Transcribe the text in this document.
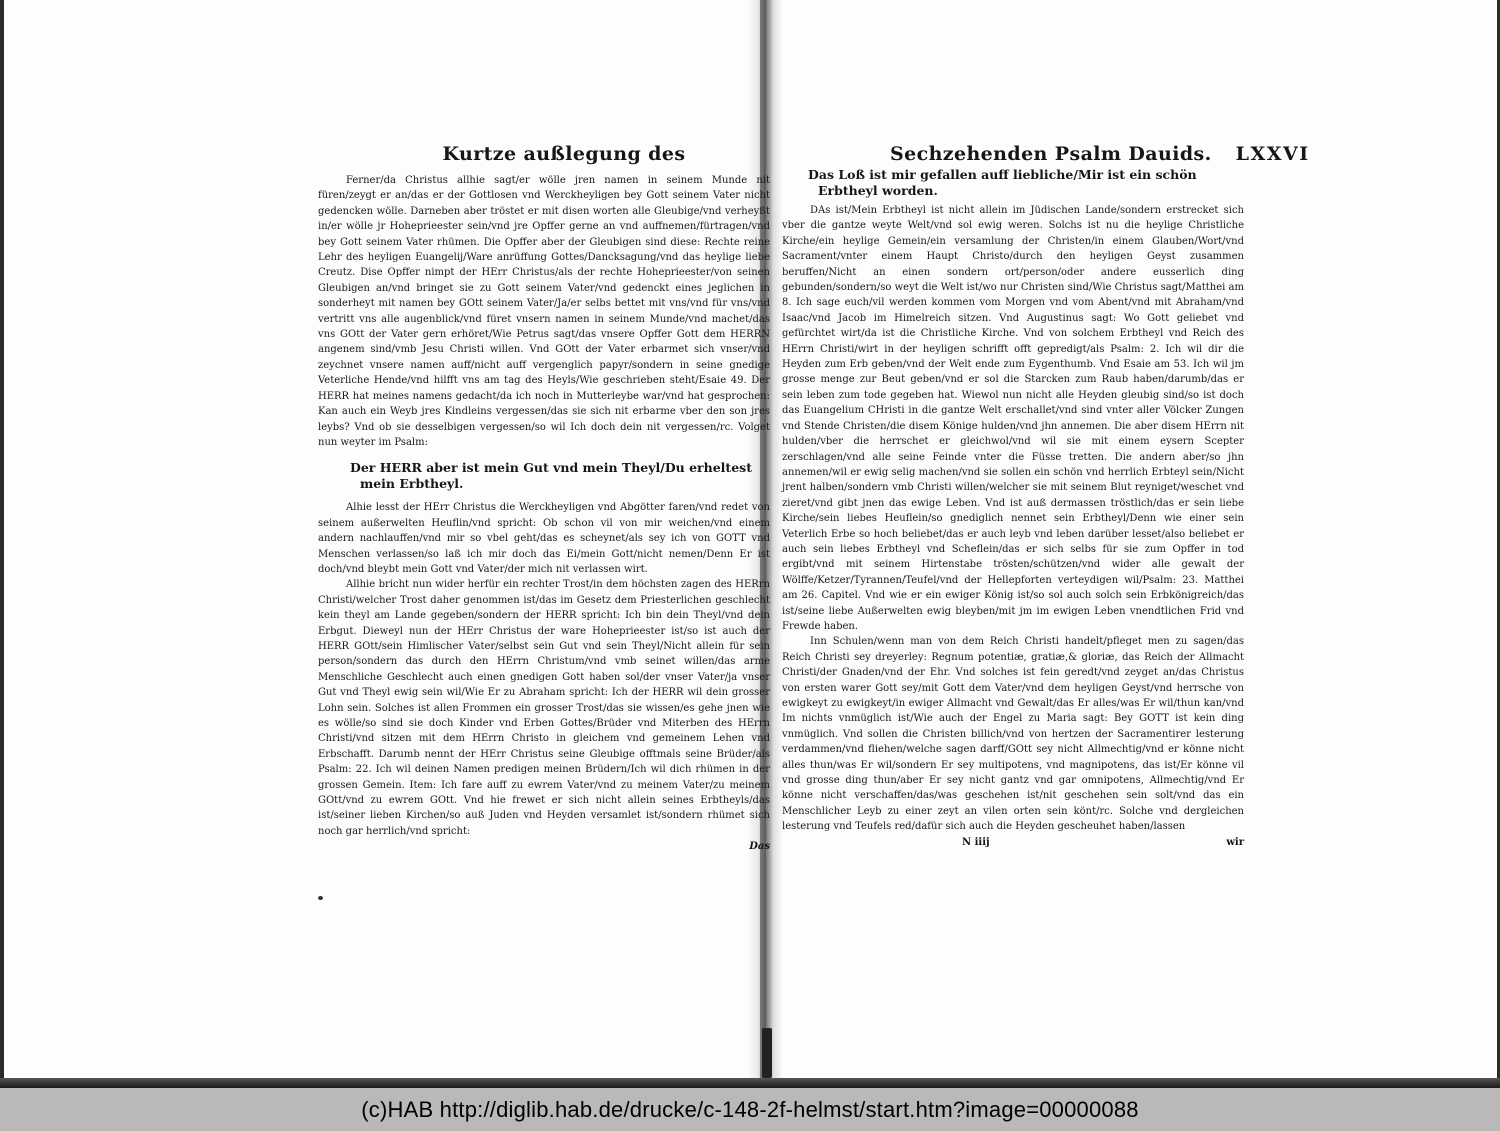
Kurtze außlegung des

Ferner/da Christus allhie sagt/er wölle jren namen in seinem Munde nit füren/zeygt er an/das er der Gottlosen vnd Werckheyligen bey Gott seinem Vater nicht gedencken wölle. Darneben aber tröstet er mit disen worten alle Gleubige/vnd verheyßt in/er wölle jr Hoheprieester sein/vnd jre Opffer gerne an vnd auffnemen/fürtragen/vnd bey Gott seinem Vater rhümen. Die Opffer aber der Gleubigen sind diese: Rechte reine Lehr des heyligen Euangelij/Ware anrüffung Gottes/Dancksagung/vnd das heylige liebe Creutz. Dise Opffer nimpt der HErr Christus/als der rechte Hoheprieester/von seinen Gleubigen an/vnd bringet sie zu Gott seinem Vater/vnd gedenckt eines jeglichen in sonderheyt mit namen bey GOtt seinem Vater/Ja/er selbs bettet mit vns/vnd für vns/vnd vertritt vns alle augenblick/vnd füret vnsern namen in seinem Munde/vnd machet/das vns GOtt der Vater gern erhöret/Wie Petrus sagt/das vnsere Opffer Gott dem HERRN angenem sind/vmb Jesu Christi willen. Vnd GOtt der Vater erbarmet sich vnser/vnd zeychnet vnsere namen auff/nicht auff vergenglich papyr/sondern in seine gnedige Veterliche Hende/vnd hilfft vns am tag des Heyls/Wie geschrieben steht/Esaie 49. Der HERR hat meines namens gedacht/da ich noch in Mutterleybe war/vnd hat gesprochen: Kan auch ein Weyb jres Kindleins vergessen/das sie sich nit erbarme vber den son jres leybs? Vnd ob sie desselbigen vergessen/so wil Ich doch dein nit vergessen/rc. Volget nun weyter im Psalm:

Der HERR aber ist mein Gut vnd mein Theyl/Du erheltest mein Erbtheyl.

Alhie lesst der HErr Christus die Werckheyligen vnd Abgötter faren/vnd redet von seinem außerwelten Heuflin/vnd spricht: Ob schon vil von mir weichen/vnd einem andern nachlauffen/vnd mir so vbel geht/das es scheynet/als sey ich von GOTT vnd Menschen verlassen/so laß ich mir doch das Ei/mein Gott/nicht nemen/Denn Er ist doch/vnd bleybt mein Gott vnd Vater/der mich nit verlassen wirt.

Allhie bricht nun wider herfür ein rechter Trost/in dem höchsten zagen des HERrn Christi/welcher Trost daher genommen ist/das im Gesetz dem Priesterlichen geschlecht kein theyl am Lande gegeben/sondern der HERR spricht: Ich bin dein Theyl/vnd dein Erbgut. Dieweyl nun der HErr Christus der ware Hoheprieester ist/so ist auch der HERR GOtt/sein Himlischer Vater/selbst sein Gut vnd sein Theyl/Nicht allein für sein person/sondern das durch den HErrn Christum/vnd vmb seinet willen/das arme Menschliche Geschlecht auch einen gnedigen Gott haben sol/der vnser Vater/ja vnser Gut vnd Theyl ewig sein wil/Wie Er zu Abraham spricht: Ich der HERR wil dein grosser Lohn sein. Solches ist allen Frommen ein grosser Trost/das sie wissen/es gehe jnen wie es wölle/so sind sie doch Kinder vnd Erben Gottes/Brüder vnd Miterben des HErrn Christi/vnd sitzen mit dem HErrn Christo in gleichem vnd gemeinem Lehen vnd Erbschafft. Darumb nennt der HErr Christus seine Gleubige offtmals seine Brüder/als Psalm: 22. Ich wil deinen Namen predigen meinen Brüdern/Ich wil dich rhümen in der grossen Gemein. Item: Ich fare auff zu ewrem Vater/vnd zu meinem Vater/zu meinem GOtt/vnd zu ewrem GOtt. Vnd hie frewet er sich nicht allein seines Erbtheyls/das ist/seiner lieben Kirchen/so auß Juden vnd Heyden versamlet ist/sondern rhümet sich noch gar herrlich/vnd spricht:

Das
Sechzehenden Psalm Dauids. LXXVI

Das Loß ist mir gefallen auff liebliche/Mir ist ein schön Erbtheyl worden.

DAs ist/Mein Erbtheyl ist nicht allein im Jüdischen Lande/sondern erstrecket sich vber die gantze weyte Welt/vnd sol ewig weren. Solchs ist nu die heylige Christliche Kirche/ein heylige Gemein/ein versamlung der Christen/in einem Glauben/Wort/vnd Sacrament/vnter einem Haupt Christo/durch den heyligen Geyst zusammen beruffen/Nicht an einen sondern ort/person/oder andere eusserlich ding gebunden/sondern/so weyt die Welt ist/wo nur Christen sind/Wie Christus sagt/Matthei am 8. Ich sage euch/vil werden kommen vom Morgen vnd vom Abent/vnd mit Abraham/vnd Isaac/vnd Jacob im Himelreich sitzen. Vnd Augustinus sagt: Wo Gott geliebet vnd gefürchtet wirt/da ist die Christliche Kirche. Vnd von solchem Erbtheyl vnd Reich des HErrn Christi/wirt in der heyligen schrifft offt gepredigt/als Psalm: 2. Ich wil dir die Heyden zum Erb geben/vnd der Welt ende zum Eygenthumb. Vnd Esaie am 53. Ich wil jm grosse menge zur Beut geben/vnd er sol die Starcken zum Raub haben/darumb/das er sein leben zum tode gegeben hat. Wiewol nun nicht alle Heyden gleubig sind/so ist doch das Euangelium CHristi in die gantze Welt erschallet/vnd sind vnter aller Völcker Zungen vnd Stende Christen/die disem Könige hulden/vnd jhn annemen. Die aber disem HErrn nit hulden/vber die herrschet er gleichwol/vnd wil sie mit einem eysern Scepter zerschlagen/vnd alle seine Feinde vnter die Füsse tretten. Die andern aber/so jhn annemen/wil er ewig selig machen/vnd sie sollen ein schön vnd herrlich Erbteyl sein/Nicht jrent halben/sondern vmb Christi willen/welcher sie mit seinem Blut reyniget/weschet vnd zieret/vnd gibt jnen das ewige Leben. Vnd ist auß dermassen tröstlich/das er sein liebe Kirche/sein liebes Heuflein/so gnediglich nennet sein Erbtheyl/Denn wie einer sein Veterlich Erbe so hoch beliebet/das er auch leyb vnd leben darüber lesset/also beliebet er auch sein liebes Erbtheyl vnd Scheflein/das er sich selbs für sie zum Opffer in tod ergibt/vnd mit seinem Hirtenstabe trösten/schützen/vnd wider alle gewalt der Wölffe/Ketzer/Tyrannen/Teufel/vnd der Hellepforten verteydigen wil/Psalm: 23. Matthei am 26. Capitel. Vnd wie er ein ewiger König ist/so sol auch solch sein Erbkönigreich/das ist/seine liebe Außerwelten ewig bleyben/mit jm im ewigen Leben vnendtlichen Frid vnd Frewde haben.

Inn Schulen/wenn man von dem Reich Christi handelt/pfleget men zu sagen/das Reich Christi sey dreyerley: Regnum potentiæ, gratiæ,& gloriæ, das Reich der Allmacht Christi/der Gnaden/vnd der Ehr. Vnd solches ist fein geredt/vnd zeyget an/das Christus von ersten warer Gott sey/mit Gott dem Vater/vnd dem heyligen Geyst/vnd herrsche von ewigkeyt zu ewigkeyt/in ewiger Allmacht vnd Gewalt/das Er alles/was Er wil/thun kan/vnd Im nichts vnmüglich ist/Wie auch der Engel zu Maria sagt: Bey GOTT ist kein ding vnmüglich. Vnd sollen die Christen billich/vnd von hertzen der Sacramentirer lesterung verdammen/vnd fliehen/welche sagen darff/GOtt sey nicht Allmechtig/vnd er könne nicht alles thun/was Er wil/sondern Er sey multipotens, vnd magnipotens, das ist/Er könne vil vnd grosse ding thun/aber Er sey nicht gantz vnd gar omnipotens, Allmechtig/vnd Er könne nicht verschaffen/das/was geschehen ist/nit geschehen sein solt/vnd das ein Menschlicher Leyb zu einer zeyt an vilen orten sein könt/rc. Solche vnd dergleichen lesterung vnd Teufels red/dafür sich auch die Heyden gescheuhet haben/lassen

N iiij	wir
(c)HAB http://diglib.hab.de/drucke/c-148-2f-helmst/start.htm?image=00000088
